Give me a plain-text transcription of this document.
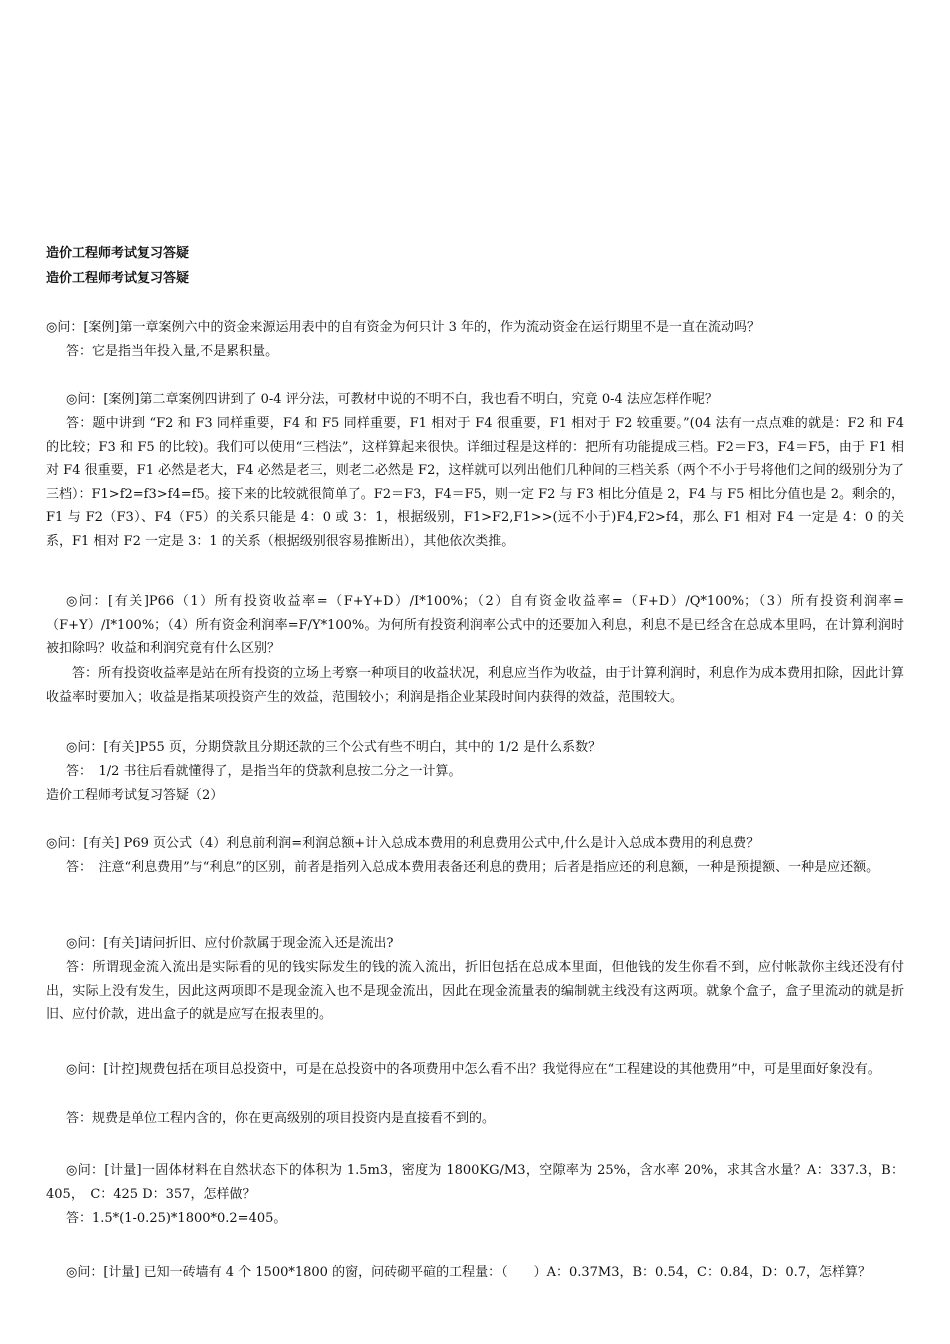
造价工程师考试复习答疑
造价工程师考试复习答疑

◎问：[案例]第一章案例六中的资金来源运用表中的自有资金为何只计 3 年的，作为流动资金在运行期里不是一直在流动吗？

答：它是指当年投入量,不是累积量。

◎问：[案例]第二章案例四讲到了 0-4 评分法，可教材中说的不明不白，我也看不明白，究竟 0-4 法应怎样作呢？

答：题中讲到 “F2 和 F3 同样重要，F4 和 F5 同样重要，F1 相对于 F4 很重要，F1 相对于 F2 较重要。”(04 法有一点点难的就是：F2 和 F4 的比较；F3 和 F5 的比较)。我们可以使用“三档法”，这样算起来很快。详细过程是这样的：把所有功能提成三档。F2＝F3，F4＝F5，由于 F1 相对 F4 很重要，F1 必然是老大，F4 必然是老三，则老二必然是 F2，这样就可以列出他们几种间的三档关系（两个不小于号将他们之间的级别分为了三档）：F1>f2=f3>f4=f5。接下来的比较就很简单了。F2＝F3，F4＝F5，则一定 F2 与 F3 相比分值是 2，F4 与 F5 相比分值也是 2。剩余的，F1 与 F2（F3）、F4（F5）的关系只能是 4：0 或 3：1，根据级别，F1>F2,F1>>(远不小于)F4,F2>f4，那么 F1 相对 F4 一定是 4：0 的关系，F1 相对 F2 一定是 3：1 的关系（根据级别很容易推断出），其他依次类推。

◎问：[有关]P66（1）所有投资收益率=（F+Y+D）/I*100%；（2）自有资金收益率=（F+D）/Q*100%；（3）所有投资利润率=（F+Y）/I*100%；（4）所有资金利润率=F/Y*100%。为何所有投资利润率公式中的还要加入利息，利息不是已经含在总成本里吗，在计算利润时被扣除吗？收益和利润究竟有什么区别？

答：所有投资收益率是站在所有投资的立场上考察一种项目的收益状况，利息应当作为收益，由于计算利润时，利息作为成本费用扣除，因此计算收益率时要加入；收益是指某项投资产生的效益，范围较小；利润是指企业某段时间内获得的效益，范围较大。

◎问：[有关]P55 页，分期贷款且分期还款的三个公式有些不明白，其中的 1/2 是什么系数？

答：　1/2 书往后看就懂得了，是指当年的贷款利息按二分之一计算。

造价工程师考试复习答疑（2）

◎问：[有关] P69 页公式（4）利息前利润=利润总额+计入总成本费用的利息费用公式中,什么是计入总成本费用的利息费？

答：　注意“利息费用”与“利息”的区别，前者是指列入总成本费用表备还利息的费用；后者是指应还的利息额，一种是预提额、一种是应还额。

◎问：[有关]请问折旧、应付价款属于现金流入还是流出?

答：所谓现金流入流出是实际看的见的钱实际发生的钱的流入流出，折旧包括在总成本里面，但他钱的发生你看不到，应付帐款你主线还没有付出，实际上没有发生，因此这两项即不是现金流入也不是现金流出，因此在现金流量表的编制就主线没有这两项。就象个盒子，盒子里流动的就是折旧、应付价款，进出盒子的就是应写在报表里的。

◎问：[计控]规费包括在项目总投资中，可是在总投资中的各项费用中怎么看不出？我觉得应在“工程建设的其他费用”中，可是里面好象没有。

答：规费是单位工程内含的，你在更高级别的项目投资内是直接看不到的。

◎问：[计量]一固体材料在自然状态下的体积为 1.5m3，密度为 1800KG/M3，空隙率为 25%，含水率 20%，求其含水量？A：337.3，B：405，　C：425 D：357，怎样做？

答：1.5*(1-0.25)*1800*0.2=405。

◎问：[计量] 已知一砖墙有 4 个 1500*1800 的窗，问砖砌平碹的工程量：（　　）A：0.37M3，B：0.54，C：0.84，D：0.7，怎样算？
